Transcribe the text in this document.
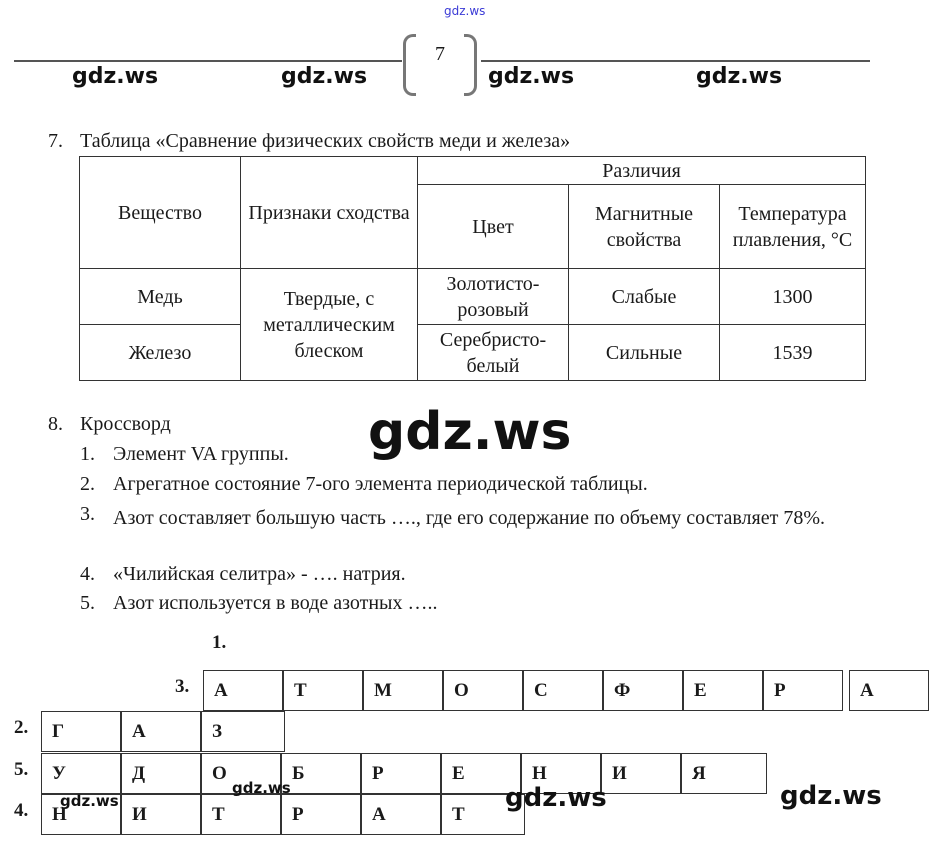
gdz.ws
7
gdz.ws	gdz.ws	gdz.ws	gdz.ws
7. Таблица «Сравнение физических свойств меди и железа»
Вещество	Признаки сходства	Различия		
		Цвет	Магнитные свойства	Температура плавления, °С
Медь	Твердые, с металлическим блеском	Золотисто-розовый	Слабые	1300
Железо		Серебристо-белый	Сильные	1539
8. Кроссворд	gdz.ws
1. Элемент VA группы.
2. Агрегатное состояние 7-ого элемента периодической таблицы.
3. Азот составляет большую часть …., где его содержание по объему составляет 78%.
4. «Чилийская селитра» - …. натрия.
5. Азот используется в воде азотных …..
1.
3.	А	Т	М	О	С	Ф	Е	Р	А
2.	Г	А	З
5.	У	Д	О	Б	Р	Е	Н	И	Я
4.	Н	И	Т	Р	А	Т
gdz.ws
gdz.ws	gdz.ws	gdz.ws
